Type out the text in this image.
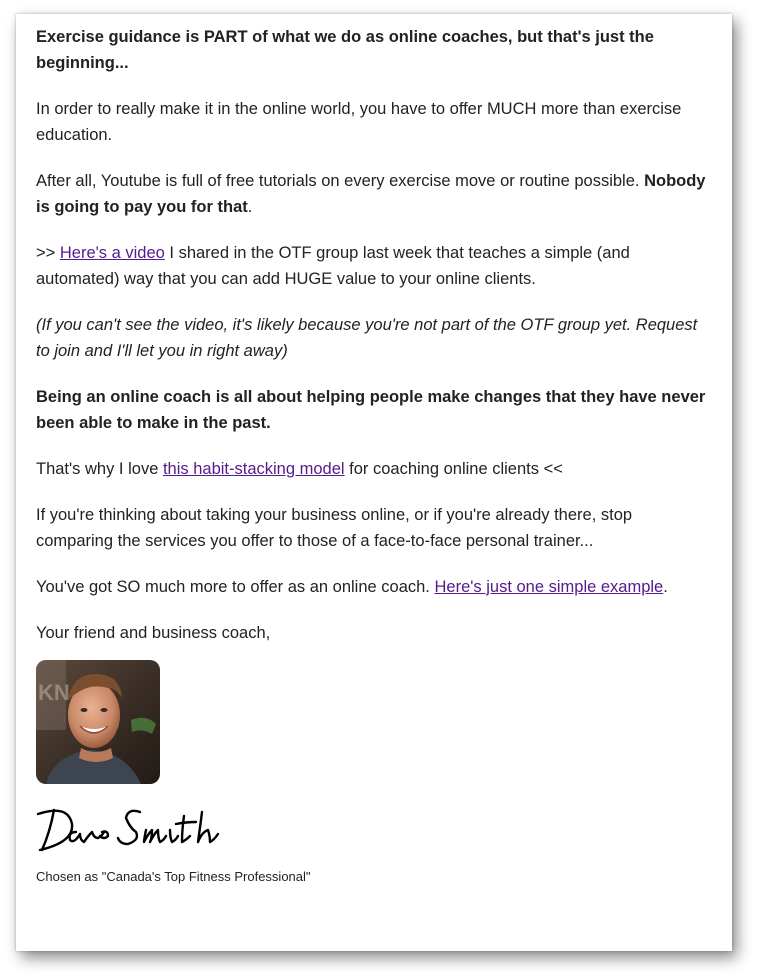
Exercise guidance is PART of what we do as online coaches, but that's just the beginning...

In order to really make it in the online world, you have to offer MUCH more than exercise education.

After all, Youtube is full of free tutorials on every exercise move or routine possible. Nobody is going to pay you for that.

>> Here's a video I shared in the OTF group last week that teaches a simple (and automated) way that you can add HUGE value to your online clients.

(If you can't see the video, it's likely because you're not part of the OTF group yet. Request to join and I'll let you in right away)

Being an online coach is all about helping people make changes that they have never been able to make in the past.

That's why I love this habit-stacking model for coaching online clients <<

If you're thinking about taking your business online, or if you're already there, stop comparing the services you offer to those of a face-to-face personal trainer...

You've got SO much more to offer as an online coach. Here's just one simple example.

Your friend and business coach,

KN
Chosen as "Canada's Top Fitness Professional"
